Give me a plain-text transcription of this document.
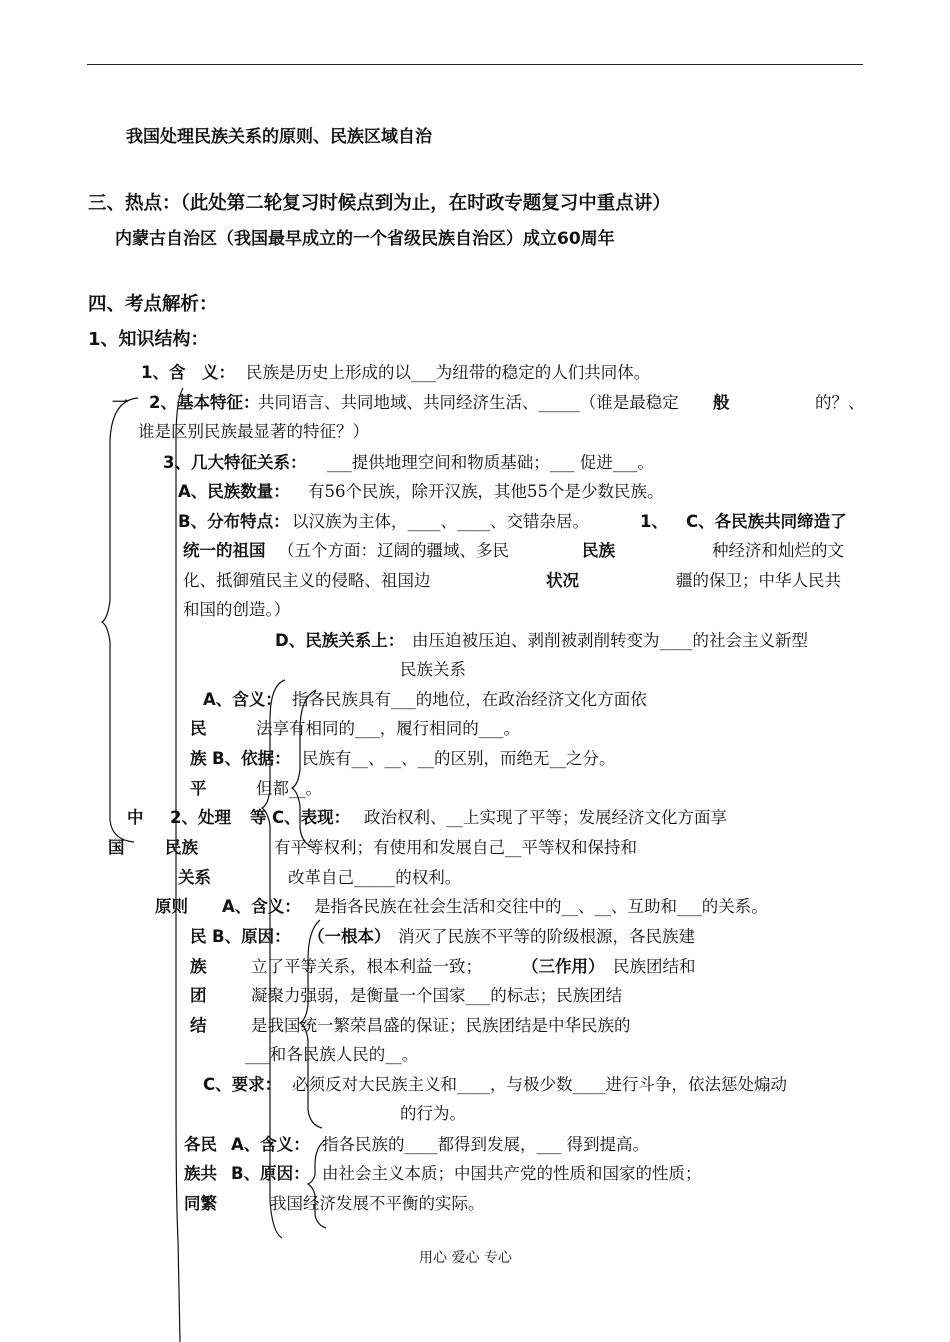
我国处理民族关系的原则、民族区域自治
三、热点：（此处第二轮复习时候点到为止，在时政专题复习中重点讲）
内蒙古自治区（我国最早成立的一个省级民族自治区）成立60周年
四、考点解析：
1、知识结构：
1、含　义： 民族是历史上形成的以___为纽带的稳定的人们共同体。
一 2、基本特征：
共同语言、共同地域、共同经济生活、_____（谁是最稳定 般	的？、
谁是区别民族最显著的特征？）
3、几大特征关系： ___提供地理空间和物质基础；___ 促进___。
A、民族数量： 有56个民族，除开汉族，其他55个是少数民族。
B、分布特点： 以汉族为主体，____、____、交错杂居。	1、 C、各民族共同缔造了
统一的祖国 （五个方面：辽阔的疆域、多民	民族	种经济和灿烂的文
化、抵御殖民主义的侵略、祖国边	状况	疆的保卫；中华人民共
和国的创造。）
D、民族关系上： 由压迫被压迫、剥削被剥削转变为____的社会主义新型
民族关系
A、含义： 指各民族具有___的地位，在政治经济文化方面依
民	法享有相同的___，履行相同的___。
族 B、依据： 民族有__、__、__的区别，而绝无__之分。
平	但都__。
中 2、处理 等 C、表现： 政治权利、__上实现了平等；发展经济文化方面享
国 民族	有平等权利；有使用和发展自己__平等权和保持和
关系	改革自己_____的权利。
原则 A、含义： 是指各民族在社会生活和交往中的__、__、互助和___的关系。
民 B、原因： （一根本） 消灭了民族不平等的阶级根源，各民族建
族	立了平等关系，根本利益一致； （三作用） 民族团结和
团	凝聚力强弱，是衡量一个国家___的标志；民族团结
结	是我国统一繁荣昌盛的保证；民族团结是中华民族的
___和各民族人民的__。
C、要求： 必须反对大民族主义和____，与极少数____进行斗争，依法惩处煽动
的行为。
各民 A、含义： 指各民族的____都得到发展，___ 得到提高。
族共 B、原因： 由社会主义本质；中国共产党的性质和国家的性质；
同繁	我国经济发展不平衡的实际。
用心 爱心 专心
